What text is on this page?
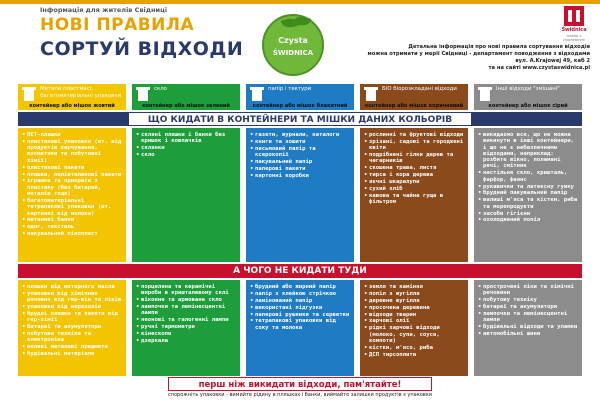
Інформація для жителів Свідниці
НОВІ ПРАВИЛА
СОРТУЙ ВІДХОДИ	Czysta
ŚWIDNICA
Świdnica
miasto z charakterem
Детальна інформація про нові правила сортування відходів
можна отримати у мерії Свідниці - департамент поводження з відходами
вул. А.Krajowej 49, каб 2
та на сайті www.czystaswidnica.pl
Метали,пластмасі, багатоматеріальні упаковки
контейнер або мішок жовтий
скло
контейнер або мішок зелений
папір і тектури
контейнер або мішок блакитний
БІО біорозкладані відходи
контейнер або мішок коричневий
Інші відходи "змішані"
контейнер або мішок сірий
ЩО КИДАТИ В КОНТЕЙНЕРИ ТА МІШКИ ДАНИХ КОЛЬОРІВ
• ПЕТ-пляшки
• пластикові упаковки (ет. від продуктів харчування, косметики та побутової хімії)
• пластикові пакети
• пляшки, поліетиленові пакети
• іграшки та прикраси з пластику (без батарей, металів тощо)
• багатоматеріальні тетрапакові упаковки (ет. картонні від молока)
• металеві банки
• одяг, текстиль
• пакувальний пінопласт
• скляні пляшки і банки без кришок і ковпачків
• склянки
• скло
• газети, журнали, каталоги
• книги та зошити
• письмовий папір та ксерокопії
• пакувальний папір
• паперові пакети
• картонні коробки
• рослинні та фруктові відходи
• зрізані, садові та городжені квіти
• подрібнені гілки дерев та чагарників
• скошена трава, листя
• тирса і кора дерева
• яєчні шкаралупи
• сухий хліб
• кавова та чайна гуща в фільтром
• викидаємо все, що не можна викинути в інші контейнери, і що не є небезпечними відходами, наприклад: розбите вікно, поламані речі, смітник
• настільне скло, кришталь, фарфор, фаянс
• рукавички та латексну гумку
• брудний пакувальний папір
• валиші м'яса та кістки, риба та морепродукти
• засоби гігієни
• охолоджений попіл
А ЧОГО НЕ КИДАТИ ТУДИ
• пляшки від моторного масла
• упаковки від хімічних речовин від гер-він та ліків
• упаковки від аерозолів
• брудні пляшки та пакети від гер-хімії
• батареї та акумулятори
• побутова техніка та електроніка
• великі металеві предмети
• будівельні матеріали
• порцеляна та керамічні вироби в кришталевому склі
• віконне та армоване скло
• лампочки та люмінесцентні лампи
• неонові та галогенні лампи
• ручні термометри
• кінескопи
• дзеркала
• брудний або жирний папір
• папір з клейкою стрічкою
• ламінований папір
• використані підгузки
• паперові рушники та серветки
• тетрапакові упаковки від соку та молока
• земля та каміння
• попіл з вугілля
• деревне вугілля
• просочена деревина
• відходи тварин
• харчові олії
• рідкі харчові відходи (молоко, супи, соуси, компоти)
• кістки, м'ясо, риба
• ДСП тирсоплити
• прострочені ліки та хімічні речовини
• побутову техніку
• батареї та акумулятори
• лампочки та люмінесцентні лампи
• будівельні відходи та уламки
• автомобільні шини
перш ніж викидати відходи, пам'ятайте!
спорожніть упаковки - вимийте рідину в пляшках і банки, виймайте залишки продуктів з упаковки
